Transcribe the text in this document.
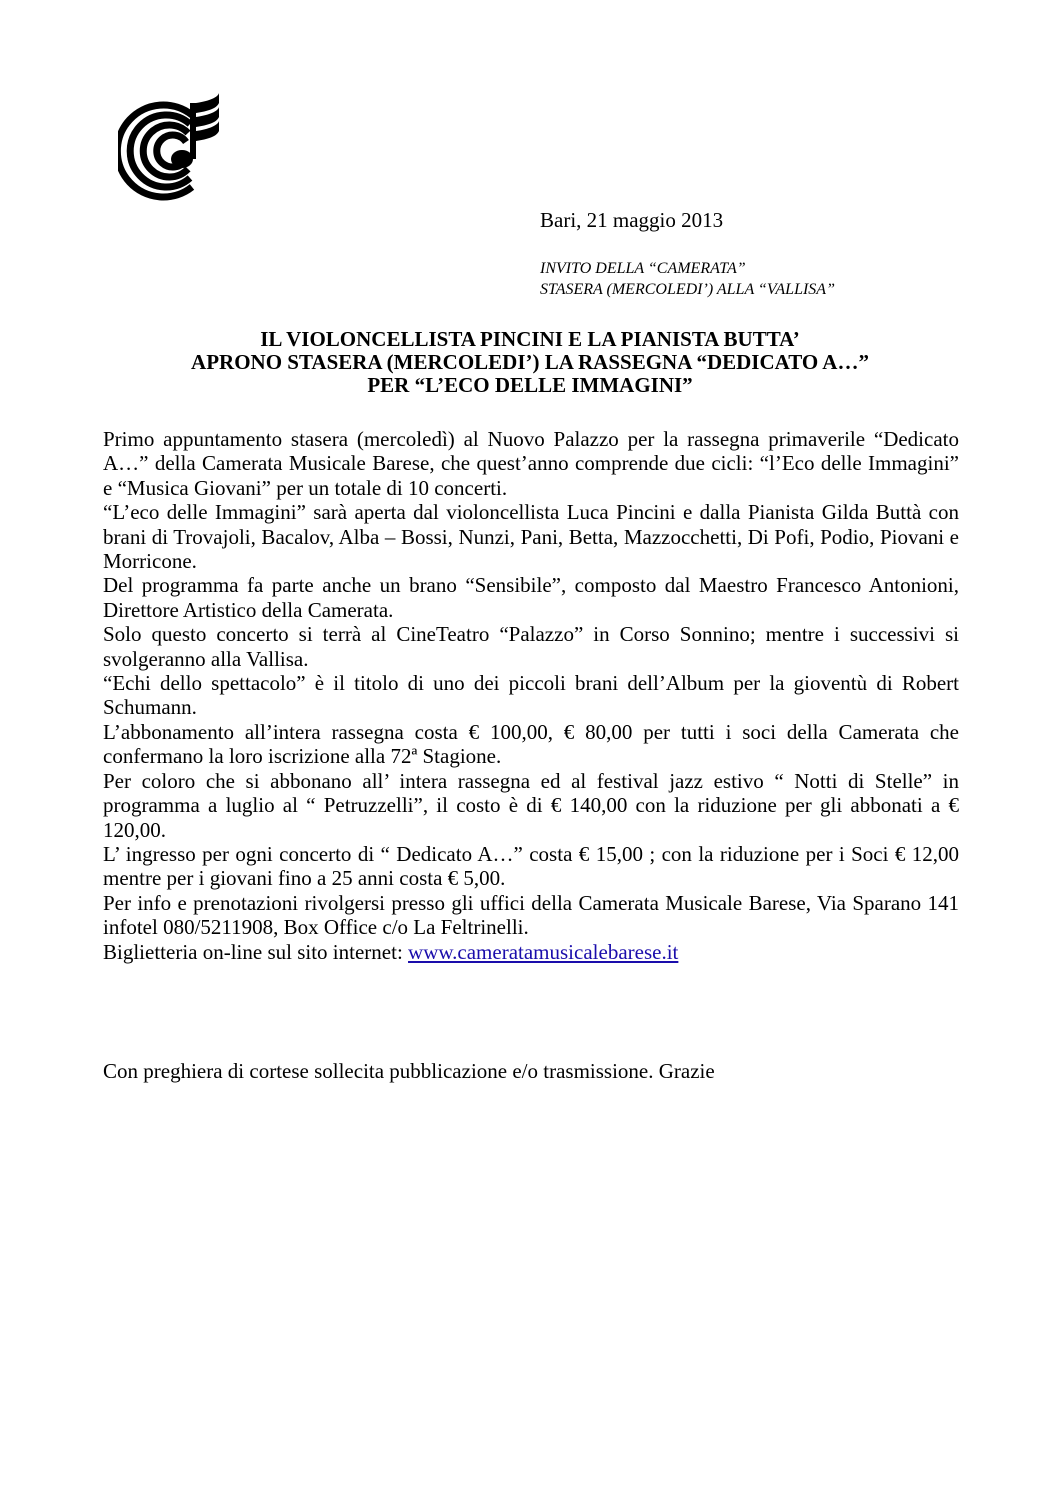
Bari, 21 maggio 2013
INVITO DELLA “CAMERATA”
STASERA (MERCOLEDI’) ALLA “VALLISA”
IL VIOLONCELLISTA PINCINI E LA PIANISTA BUTTA’
APRONO STASERA (MERCOLEDI’) LA RASSEGNA “DEDICATO A…”
PER “L’ECO DELLE IMMAGINI”

Primo appuntamento stasera (mercoledì) al Nuovo Palazzo per la rassegna primaverile “Dedicato A…” della Camerata Musicale Barese, che quest’anno comprende due cicli: “l’Eco delle Immagini” e “Musica Giovani” per un totale di 10 concerti.

“L’eco delle Immagini” sarà aperta dal violoncellista Luca Pincini e dalla Pianista Gilda Buttà con brani di Trovajoli, Bacalov, Alba – Bossi, Nunzi, Pani, Betta, Mazzocchetti, Di Pofi, Podio, Piovani e Morricone.

Del programma fa parte anche un brano “Sensibile”, composto dal Maestro Francesco Antonioni, Direttore Artistico della Camerata.

Solo questo concerto si terrà al CineTeatro “Palazzo” in Corso Sonnino; mentre i successivi si svolgeranno alla Vallisa.

“Echi dello spettacolo” è il titolo di uno dei piccoli brani dell’Album per la gioventù di Robert Schumann.

L’abbonamento all’intera rassegna costa € 100,00, € 80,00 per tutti i soci della Camerata che confermano la loro iscrizione alla 72ª Stagione.

Per coloro che si abbonano all’ intera rassegna ed al festival jazz estivo “ Notti di Stelle” in programma a luglio al “ Petruzzelli”, il costo è di € 140,00 con la riduzione per gli abbonati a € 120,00.

L’ ingresso per ogni concerto di “ Dedicato A…” costa € 15,00 ; con la riduzione per i Soci € 12,00 mentre per i giovani fino a 25 anni costa € 5,00.

Per info e prenotazioni rivolgersi presso gli uffici della Camerata Musicale Barese, Via Sparano 141 infotel 080/5211908, Box Office c/o La Feltrinelli.

Biglietteria on-line sul sito internet: www.cameratamusicalebarese.it

Con preghiera di cortese sollecita pubblicazione e/o trasmissione. Grazie
